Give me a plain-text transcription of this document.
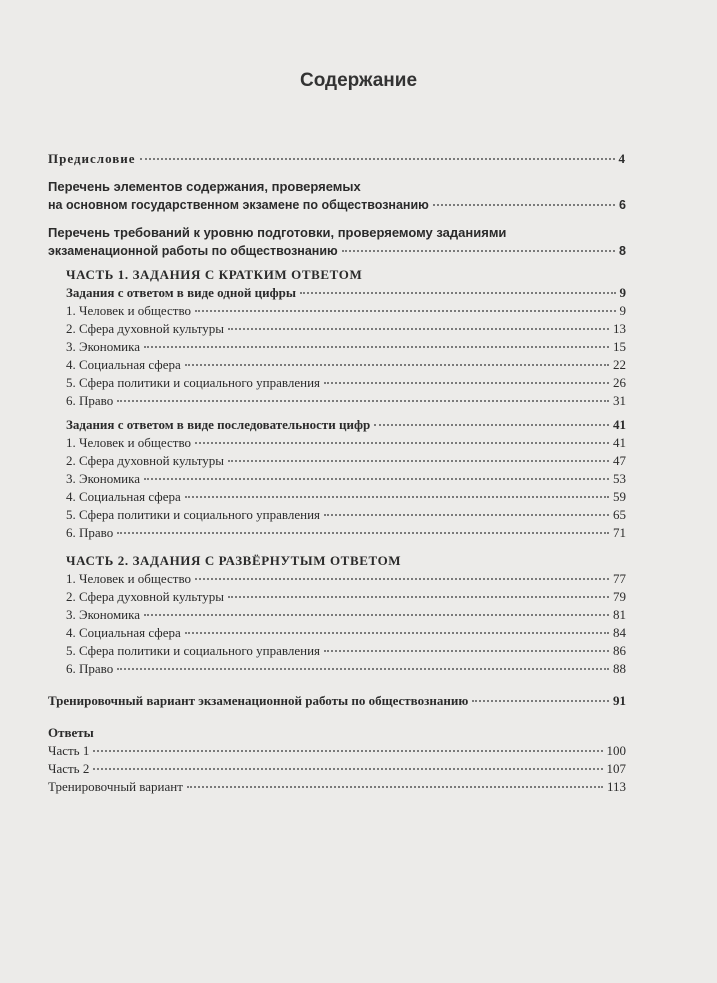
Содержание
Предисловие	4
Перечень элементов содержания, проверяемых
на основном государственном экзамене по обществознанию	6
Перечень требований к уровню подготовки, проверяемому заданиями
экзаменационной работы по обществознанию	8
ЧАСТЬ 1. ЗАДАНИЯ С КРАТКИМ ОТВЕТОМ
Задания с ответом в виде одной цифры	9
1. Человек и общество	9
2. Сфера духовной культуры	13
3. Экономика	15
4. Социальная сфера	22
5. Сфера политики и социального управления	26
6. Право	31
Задания с ответом в виде последовательности цифр	41
1. Человек и общество	41
2. Сфера духовной культуры	47
3. Экономика	53
4. Социальная сфера	59
5. Сфера политики и социального управления	65
6. Право	71
ЧАСТЬ 2. ЗАДАНИЯ С РАЗВЁРНУТЫМ ОТВЕТОМ
1. Человек и общество	77
2. Сфера духовной культуры	79
3. Экономика	81
4. Социальная сфера	84
5. Сфера политики и социального управления	86
6. Право	88
Тренировочный вариант экзаменационной работы по обществознанию	91
Ответы
Часть 1	100
Часть 2	107
Тренировочный вариант	113
